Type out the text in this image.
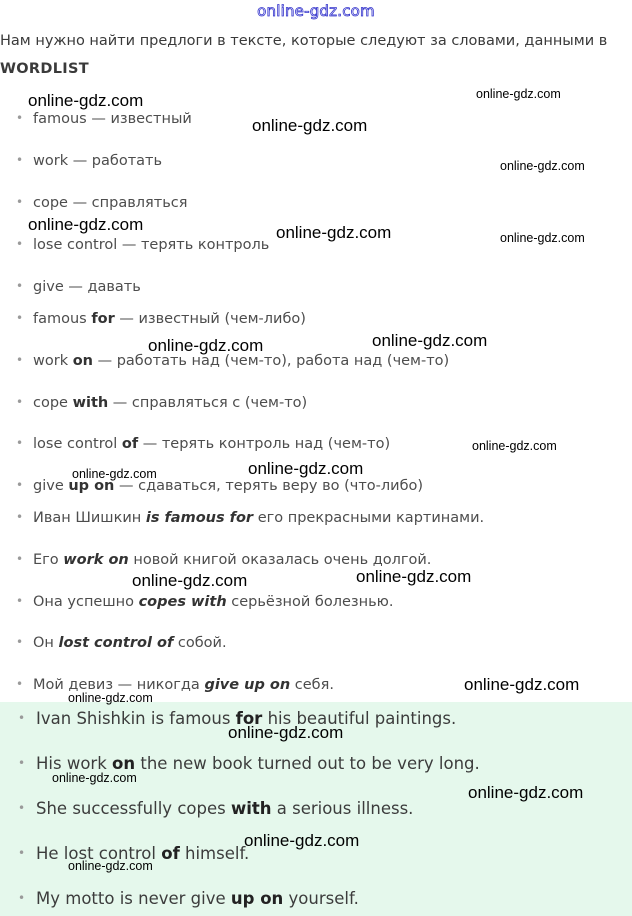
online-gdz.com
Нам нужно найти предлоги в тексте, которые следуют за словами, данными в
WORDLIST
• famous — известный
• work — работать
• cope — справляться
• lose control — терять контроль
• give — давать
• famous for — известный (чем-либо)
• work on — работать над (чем-то), работа над (чем-то)
• cope with — справляться с (чем-то)
• lose control of — терять контроль над (чем-то)
• give up on — сдаваться, терять веру во (что-либо)
• Иван Шишкин is famous for его прекрасными картинами.
• Его work on новой книгой оказалась очень долгой.
• Она успешно copes with серьёзной болезнью.
• Он lost control of собой.
• Мой девиз — никогда give up on себя.
• Ivan Shishkin is famous for his beautiful paintings.
• His work on the new book turned out to be very long.
• She successfully copes with a serious illness.
• He lost control of himself.
• My motto is never give up on yourself.
online-gdz.com	online-gdz.com
online-gdz.com
online-gdz.com
online-gdz.com	online-gdz.com	online-gdz.com
online-gdz.com
online-gdz.com
online-gdz.com
online-gdz.com
online-gdz.com
online-gdz.com
online-gdz.com
online-gdz.com
online-gdz.com
online-gdz.com
online-gdz.com
online-gdz.com
online-gdz.com
online-gdz.com
